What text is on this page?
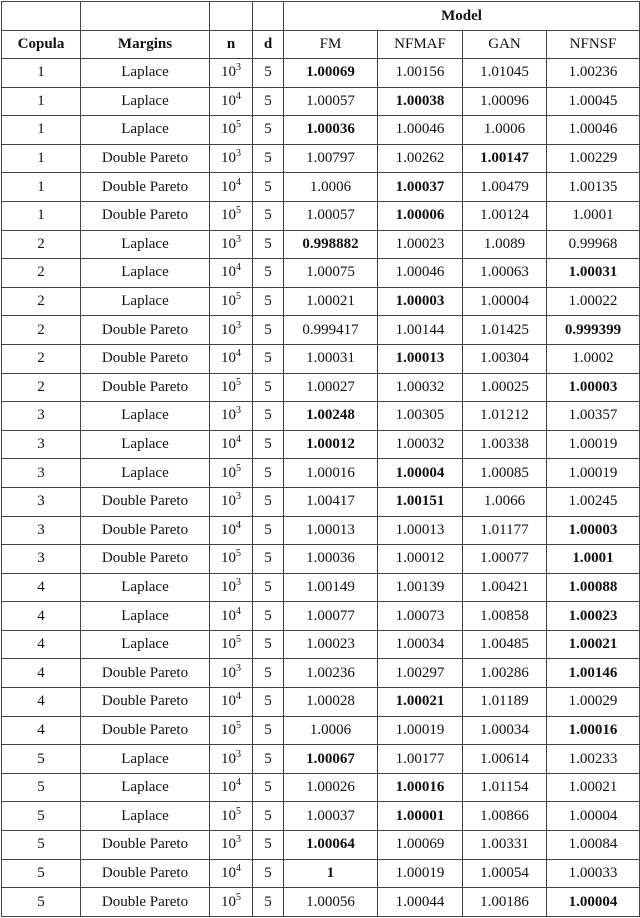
				Model			
Copula	Margins	n	d	FM	NFMAF	GAN	NFNSF
1	Laplace	$10^3$	5	1.00069	1.00156	1.01045	1.00236
1	Laplace	$10^4$	5	1.00057	1.00038	1.00096	1.00045
1	Laplace	$10^5$	5	1.00036	1.00046	1.0006	1.00046
1	Double Pareto	$10^3$	5	1.00797	1.00262	1.00147	1.00229
1	Double Pareto	$10^4$	5	1.0006	1.00037	1.00479	1.00135
1	Double Pareto	$10^5$	5	1.00057	1.00006	1.00124	1.0001
2	Laplace	$10^3$	5	0.998882	1.00023	1.0089	0.99968
2	Laplace	$10^4$	5	1.00075	1.00046	1.00063	1.00031
2	Laplace	$10^5$	5	1.00021	1.00003	1.00004	1.00022
2	Double Pareto	$10^3$	5	0.999417	1.00144	1.01425	0.999399
2	Double Pareto	$10^4$	5	1.00031	1.00013	1.00304	1.0002
2	Double Pareto	$10^5$	5	1.00027	1.00032	1.00025	1.00003
3	Laplace	$10^3$	5	1.00248	1.00305	1.01212	1.00357
3	Laplace	$10^4$	5	1.00012	1.00032	1.00338	1.00019
3	Laplace	$10^5$	5	1.00016	1.00004	1.00085	1.00019
3	Double Pareto	$10^3$	5	1.00417	1.00151	1.0066	1.00245
3	Double Pareto	$10^4$	5	1.00013	1.00013	1.01177	1.00003
3	Double Pareto	$10^5$	5	1.00036	1.00012	1.00077	1.0001
4	Laplace	$10^3$	5	1.00149	1.00139	1.00421	1.00088
4	Laplace	$10^4$	5	1.00077	1.00073	1.00858	1.00023
4	Laplace	$10^5$	5	1.00023	1.00034	1.00485	1.00021
4	Double Pareto	$10^3$	5	1.00236	1.00297	1.00286	1.00146
4	Double Pareto	$10^4$	5	1.00028	1.00021	1.01189	1.00029
4	Double Pareto	$10^5$	5	1.0006	1.00019	1.00034	1.00016
5	Laplace	$10^3$	5	1.00067	1.00177	1.00614	1.00233
5	Laplace	$10^4$	5	1.00026	1.00016	1.01154	1.00021
5	Laplace	$10^5$	5	1.00037	1.00001	1.00866	1.00004
5	Double Pareto	$10^3$	5	1.00064	1.00069	1.00331	1.00084
5	Double Pareto	$10^4$	5	1	1.00019	1.00054	1.00033
5	Double Pareto	$10^5$	5	1.00056	1.00044	1.00186	1.00004
